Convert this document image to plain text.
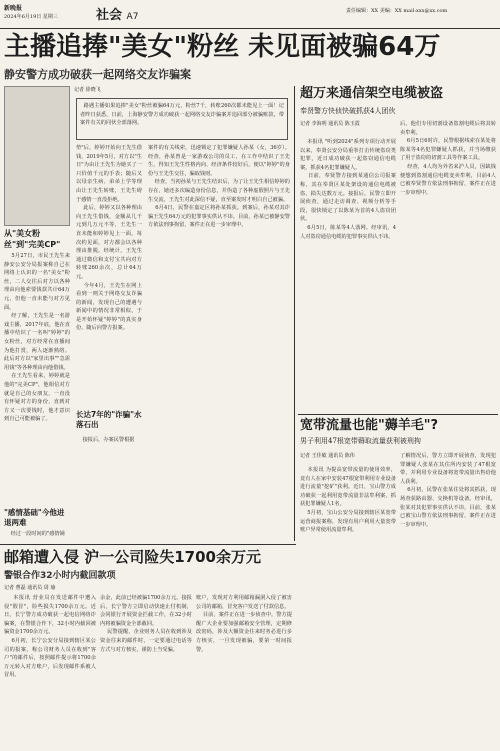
新晚报
2024年6月19日 星期三	社会 A7
责任编辑：XX 美编：XX mail:xxx@xx.com
主播追捧"美女"粉丝 未见面被骗64万
静安警方成功破获一起网络交友诈骗案
记者 徐晓飞
路遇主播如果追捧"美女"粉丝被骗64万元，粉丝7千，转账260次都未能见上一面！记者昨日获悉，日前，上海静安警方成功破获一起网络交友诈骗案并追回部分被骗赃款，带案件有关的同伙全部落网。
从"美女粉丝"到"完美CP"
5月27日，市民王先生来静安公安分局报案称自己在网络上认识的一名"美女"粉丝，二人交往后对方以各种理由向他索要钱款共计64万元，但他一直未能与对方见面。
经了解，王先生是一名游戏主播，2017年底，他在直播中结识了一名叫"婷婷"的女粉丝，对方经常在直播间为他打赏，两人逐渐熟络。此后对方以"家里出事""急需用钱"等各种理由向他借钱。
在王先生看来，婷婷就是他的"完美CP"，他相信对方就是自己的女朋友，一直没有怀疑对方的身份，直到对方又一次要钱时，他才意识到自己可能被骗了。
"感情基础"今他进退两难
经过一段时间的"感情铺
垫"后，婷婷开始向王先生借钱，2019年5月，对方以"生日"为由让王先生为她买了一只价值千元的手表；随后又以母亲生病、弟弟上学等理由让王先生转账，王先生碍于感情一直没拒绝。
此后，婷婷又以各种理由向王先生借钱，金额从几千元到几万元不等，王先生一直未能和婷婷见上一面，每次约见面，对方都会以各种理由推脱。经统计，王先生通过微信和支付宝共向对方转账260余次，总计64万元。
今年4月，王先生在网上看到一则关于网络交友诈骗的新闻，发现自己的遭遇与新闻中的情况非常相似，于是开始怀疑"婷婷"的真实身份，随后向警方报案。
长达7年的"诈骗"水落石出
接报后，办案民警根据
案件的有关线索，迅速锁定了犯罪嫌疑人孙某（女，36岁）。经查，孙某曾是一家游戏公司的员工，在工作中结识了王先生，得知王先生性格内向、经济条件较好后，便以"婷婷"的身份与王先生交往，骗取钱财。
经查，当初孙某与王先生结识后，为了让王先生相信婷婷的存在，她还多次编造身份信息，并伪造了各种虚假照片与王先生交流，王先生对此深信不疑，直至案发时才明白自己被骗。
6月4日，民警在嘉定区将孙某抓获。到案后，孙某对其诈骗王先生64万元的犯罪事实供认不讳。目前，孙某已被静安警方依法刑事拘留，案件正在进一步审理中。
超万来通信架空电缆被盗
奉贤警方快侦快破抓获4人团伙
记者 李海明 通讯员 陈玉霞
本报讯 "听到2024"系列专项行动开展以来，奉贤公安分局重拳打击传统盗窃类犯罪，近日成功破获一起盗窃通信电缆案，抓获4名犯罪嫌疑人。
日前，奉贤警方接到某通信公司报案称，其在奉贤区某处架设的通信电缆被盗，损失达数万元。接报后，民警立即开展侦查，通过走访调查、视频分析等手段，很快锁定了以陈某为首的4人盗窃团伙。
6月5日，陈某等4人落网。经审讯，4人对盗窃通信电缆的犯罪事实供认不讳。
后，他们专用切割设备盗割电缆后将其转卖牟利。
6月5日6时许，民警根据线索在某处将陈某等4名犯罪嫌疑人抓获，并当场缴获了用于盗窃的切割工具等作案工具。
经查，4人均为外省来沪人员，因缺钱便想到盗割通信电缆变卖牟利，目前4人已被奉贤警方依法刑事拘留，案件正在进一步审理中。
宽带流量也能"薅羊毛"?
男子利用47根宽带薅取流量获利被刑拘
记者 王佳敏 通讯员 陈伟
本报讯 为提高宽带流量的使用效率，竟有人在家中安装47根宽带利用专业设备进行流量"挖矿"获利。近日，宝山警方成功破获一起利用宽带流量非法牟利案，抓获犯罪嫌疑人1名。
5月初，宝山公安分局接到辖区某宽带运营商报案称，发现有用户利用大量宽带账户异常使用流量牟利。
了解情况后，警方立即开展侦查，发现犯罪嫌疑人张某在其住所内安装了47根宽带，并利用专业设备将宽带流量出售给他人获利。
6月初，民警在张某住处将其抓获，现场查获路由器、交换机等设备。经审讯，张某对其犯罪事实供认不讳，目前，张某已被宝山警方依法刑事拘留，案件正在进一步审理中。
邮箱遭入侵 沪一公司险失1700余万元
警银合作32小时内截回款项
记者 曹磊 通讯员 周 瑜
本报讯 营业员在发送邮件中遭入侵"假冒"，险些损失1700余万元。近日，长宁警方成功破获一起电信网络诈骗案，在警银合作下，32小时内截回被骗资金1700余万元。
6月初，长宁公安分局接到辖区某公司的报案，称公司财务人员在收到"客户"的邮件后，按照邮件提示将1700余万元转入对方账户，后发现邮件系被人冒用。
余金，此前已经被骗1700余万元。接报后，长宁警方立即启动快速止付机制，会同银行开展资金拦截工作，在32小时内将被骗资金全部截回。
民警提醒，企业财务人员在收到涉及资金往来的邮件时，一定要通过电话等方式与对方核实，谨防上当受骗。
账户，发现对方利用邮箱漏洞入侵了被害公司的邮箱，冒充客户发送了付款信息。
目前，案件正在进一步侦查中。警方提醒广大企业要加强邮箱安全管理，定期修改密码，涉及大额资金往来时务必进行多方核实，一旦发现被骗，要第一时间报警。
